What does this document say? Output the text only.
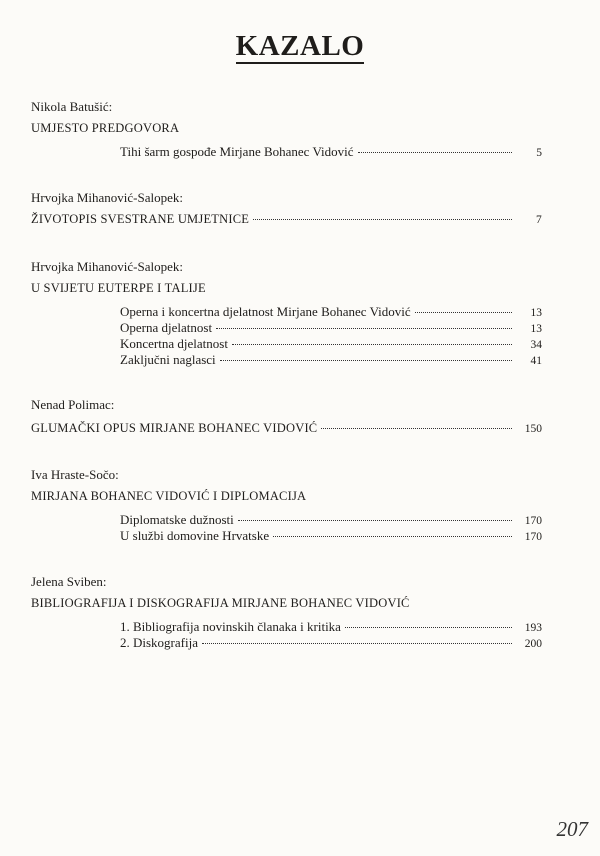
KAZALO
Nikola Batušić:
UMJESTO PREDGOVORA
Tihi šarm gospođe Mirjane Bohanec Vidović	5
Hrvojka Mihanović-Salopek:
ŽIVOTOPIS SVESTRANE UMJETNICE	7
Hrvojka Mihanović-Salopek:
U SVIJETU EUTERPE I TALIJE
Operna i koncertna djelatnost Mirjane Bohanec Vidović	13
Operna djelatnost	13
Koncertna djelatnost	34
Zaključni naglasci	41
Nenad Polimac:
GLUMAČKI OPUS MIRJANE BOHANEC VIDOVIĆ	150
Iva Hraste-Sočo:
MIRJANA BOHANEC VIDOVIĆ I DIPLOMACIJA
Diplomatske dužnosti	170
U službi domovine Hrvatske	170
Jelena Sviben:
BIBLIOGRAFIJA I DISKOGRAFIJA MIRJANE BOHANEC VIDOVIĆ
1. Bibliografija novinskih članaka i kritika	193
2. Diskografija	200
207
